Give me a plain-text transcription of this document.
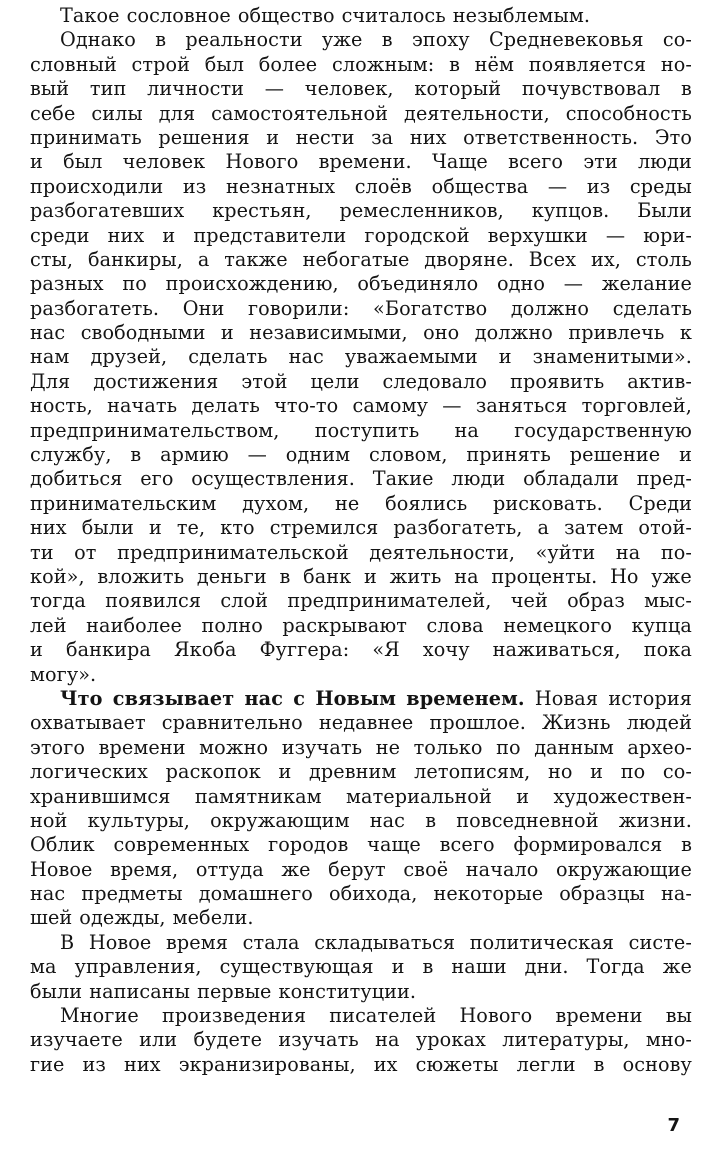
Такое сословное общество считалось незыблемым.
Однако в реальности уже в эпоху Средневековья со-
словный строй был более сложным: в нём появляется но-
вый тип личности — человек, который почувствовал в
себе силы для самостоятельной деятельности, способность
принимать решения и нести за них ответственность. Это
и был человек Нового времени. Чаще всего эти люди
происходили из незнатных слоёв общества — из среды
разбогатевших крестьян, ремесленников, купцов. Были
среди них и представители городской верхушки — юри-
сты, банкиры, а также небогатые дворяне. Всех их, столь
разных по происхождению, объединяло одно — желание
разбогатеть. Они говорили: «Богатство должно сделать
нас свободными и независимыми, оно должно привлечь к
нам друзей, сделать нас уважаемыми и знаменитыми».
Для достижения этой цели следовало проявить актив-
ность, начать делать что-то самому — заняться торговлей,
предпринимательством, поступить на государственную
службу, в армию — одним словом, принять решение и
добиться его осуществления. Такие люди обладали пред-
принимательским духом, не боялись рисковать. Среди
них были и те, кто стремился разбогатеть, а затем отой-
ти от предпринимательской деятельности, «уйти на по-
кой», вложить деньги в банк и жить на проценты. Но уже
тогда появился слой предпринимателей, чей образ мыс-
лей наиболее полно раскрывают слова немецкого купца
и банкира Якоба Фуггера: «Я хочу наживаться, пока
могу».
Что связывает нас с Новым временем. Новая история
охватывает сравнительно недавнее прошлое. Жизнь людей
этого времени можно изучать не только по данным архео-
логических раскопок и древним летописям, но и по со-
хранившимся памятникам материальной и художествен-
ной культуры, окружающим нас в повседневной жизни.
Облик современных городов чаще всего формировался в
Новое время, оттуда же берут своё начало окружающие
нас предметы домашнего обихода, некоторые образцы на-
шей одежды, мебели.
В Новое время стала складываться политическая систе-
ма управления, существующая и в наши дни. Тогда же
были написаны первые конституции.
Многие произведения писателей Нового времени вы
изучаете или будете изучать на уроках литературы, мно-
гие из них экранизированы, их сюжеты легли в основу
7
